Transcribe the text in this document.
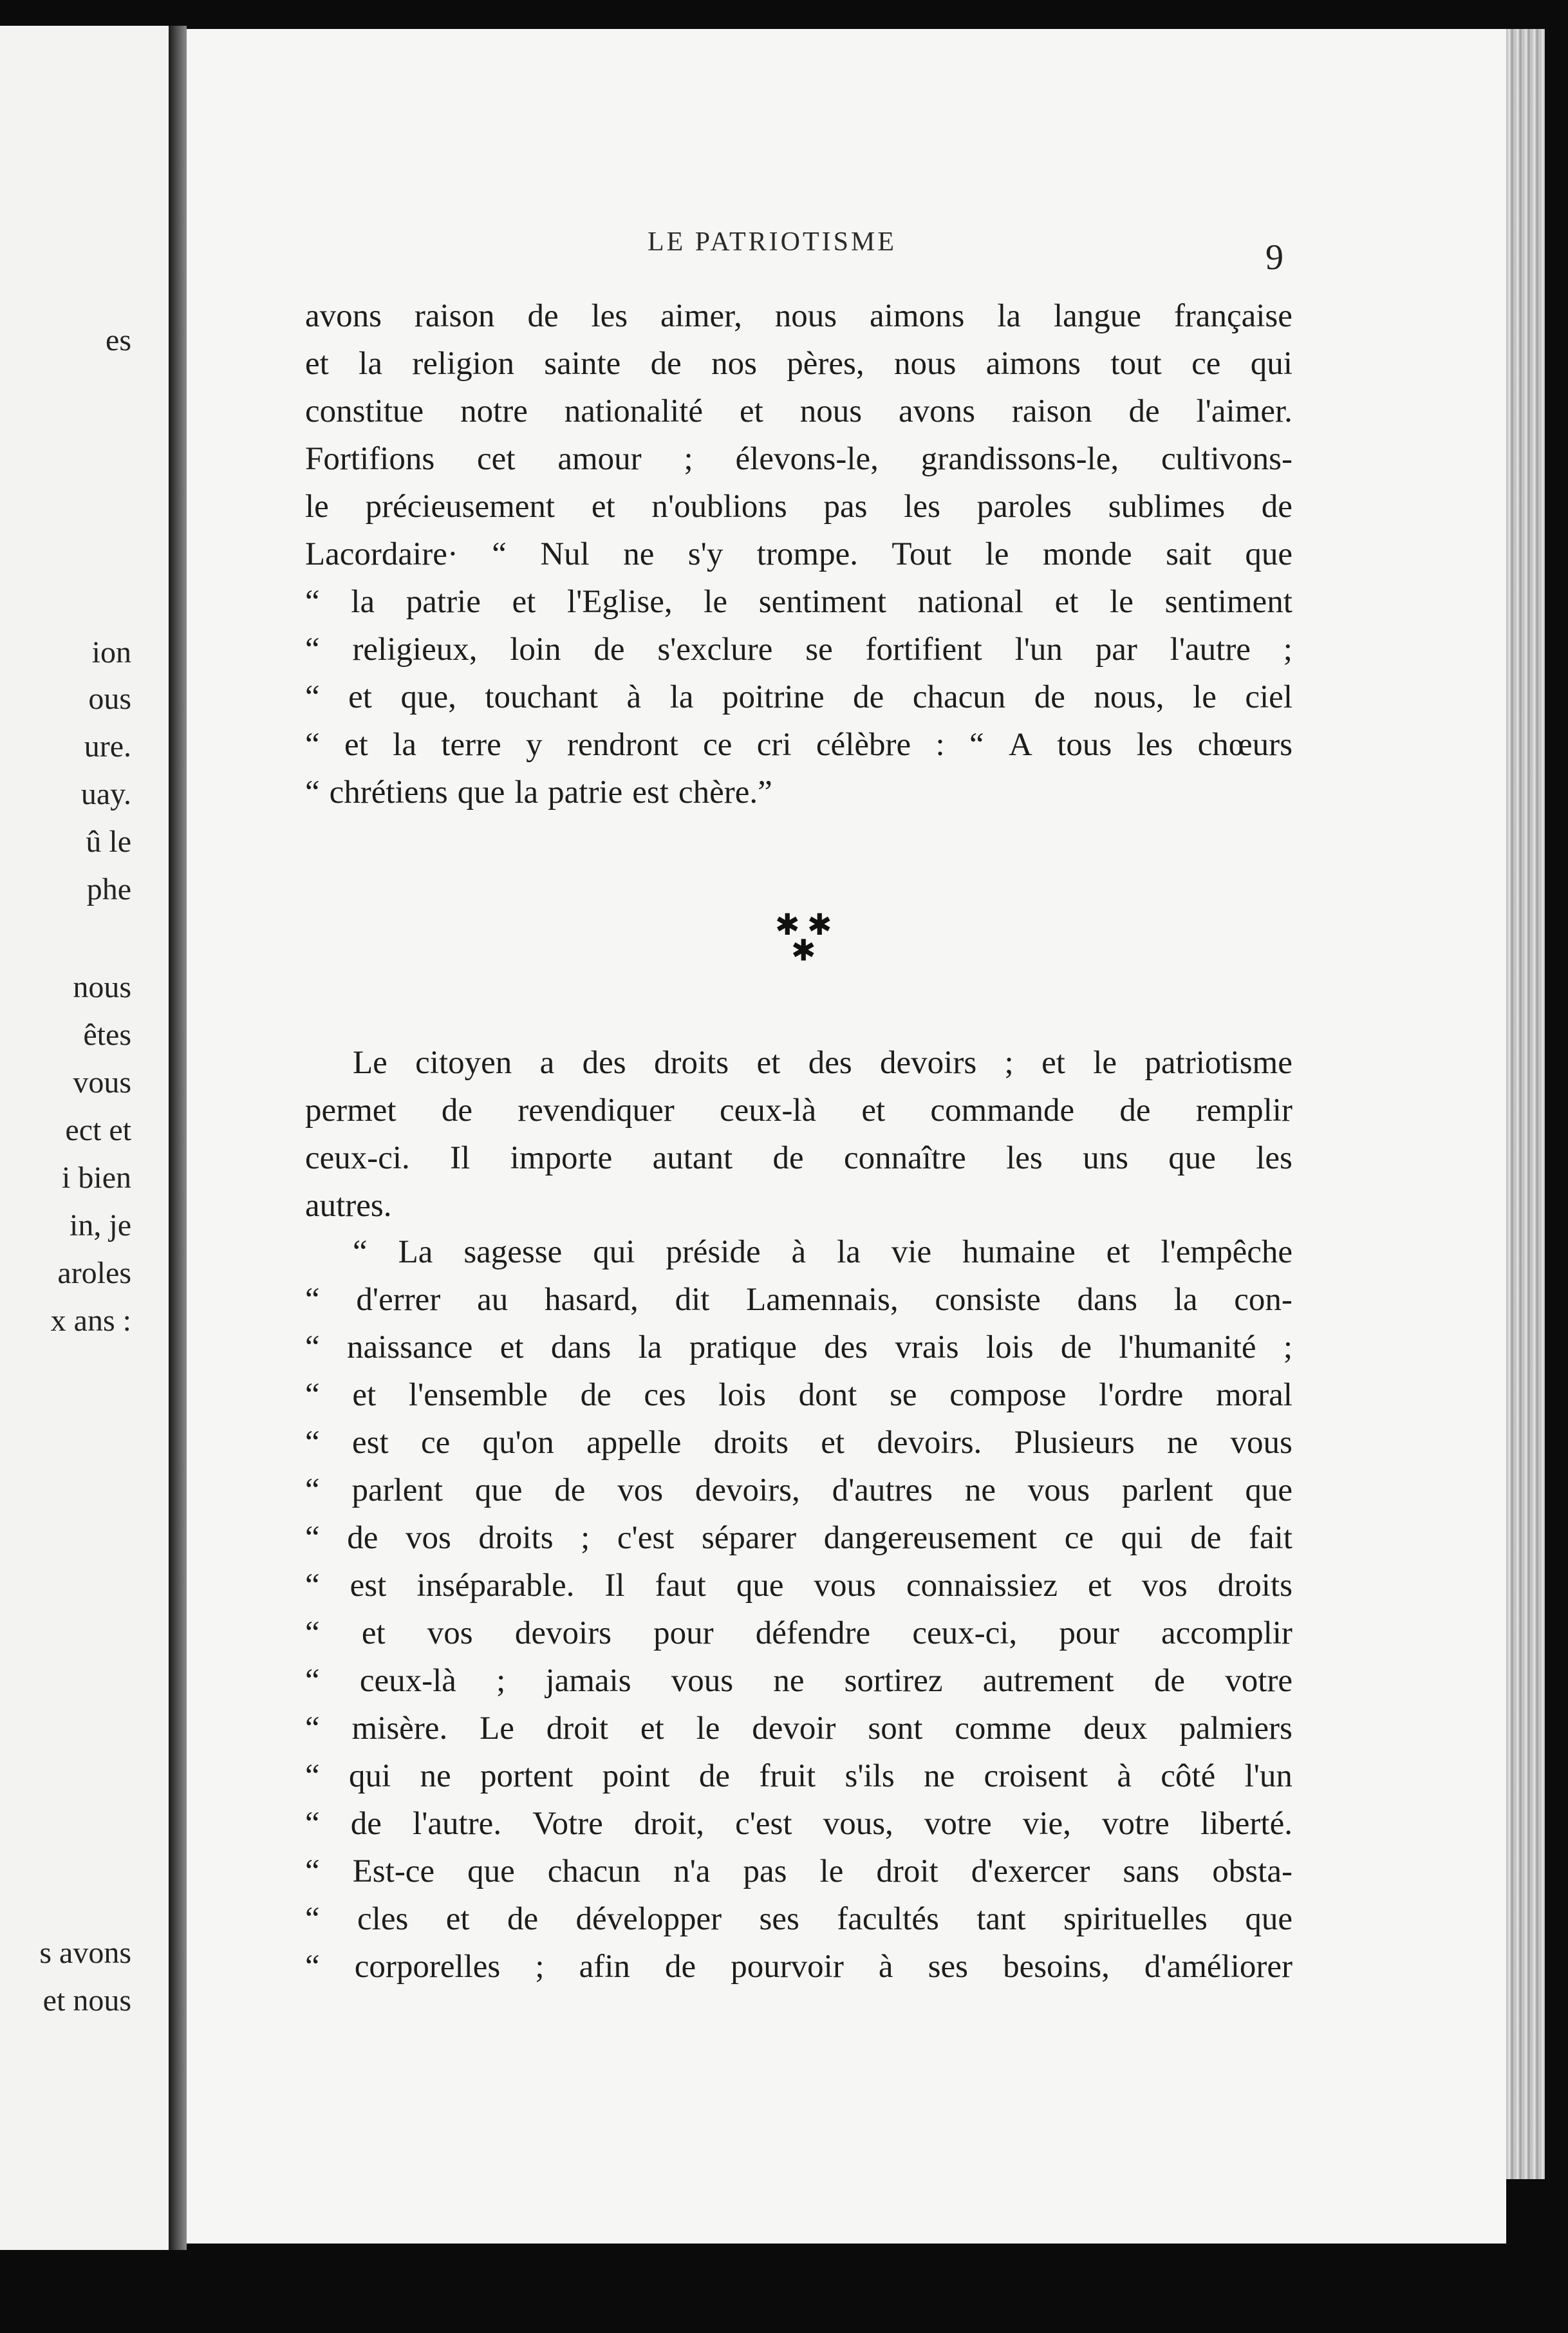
es
ion
ous
ure.
uay.
û le
phe
nous
êtes
vous
ect et
i bien
in, je
aroles
x ans :
s avons
et nous
LE PATRIOTISME	9
avons raison de les aimer, nous aimons la langue française
et la religion sainte de nos pères, nous aimons tout ce qui
constitue notre nationalité et nous avons raison de l'aimer.
Fortifions cet amour ; élevons-le, grandissons-le, cultivons-
le précieusement et n'oublions pas les paroles sublimes de
Lacordaire· “ Nul ne s'y trompe. Tout le monde sait que
“ la patrie et l'Eglise, le sentiment national et le sentiment
“ religieux, loin de s'exclure se fortifient l'un par l'autre ;
“ et que, touchant à la poitrine de chacun de nous, le ciel
“ et la terre y rendront ce cri célèbre : “ A tous les chœurs
“ chrétiens que la patrie est chère.”
✱ ✱
✱
Le citoyen a des droits et des devoirs ; et le patriotisme
permet de revendiquer ceux-là et commande de remplir
ceux-ci. Il importe autant de connaître les uns que les
autres.
“ La sagesse qui préside à la vie humaine et l'empêche
“ d'errer au hasard, dit Lamennais, consiste dans la con-
“ naissance et dans la pratique des vrais lois de l'humanité ;
“ et l'ensemble de ces lois dont se compose l'ordre moral
“ est ce qu'on appelle droits et devoirs. Plusieurs ne vous
“ parlent que de vos devoirs, d'autres ne vous parlent que
“ de vos droits ; c'est séparer dangereusement ce qui de fait
“ est inséparable. Il faut que vous connaissiez et vos droits
“ et vos devoirs pour défendre ceux-ci, pour accomplir
“ ceux-là ; jamais vous ne sortirez autrement de votre
“ misère. Le droit et le devoir sont comme deux palmiers
“ qui ne portent point de fruit s'ils ne croisent à côté l'un
“ de l'autre. Votre droit, c'est vous, votre vie, votre liberté.
“ Est-ce que chacun n'a pas le droit d'exercer sans obsta-
“ cles et de développer ses facultés tant spirituelles que
“ corporelles ; afin de pourvoir à ses besoins, d'améliorer
